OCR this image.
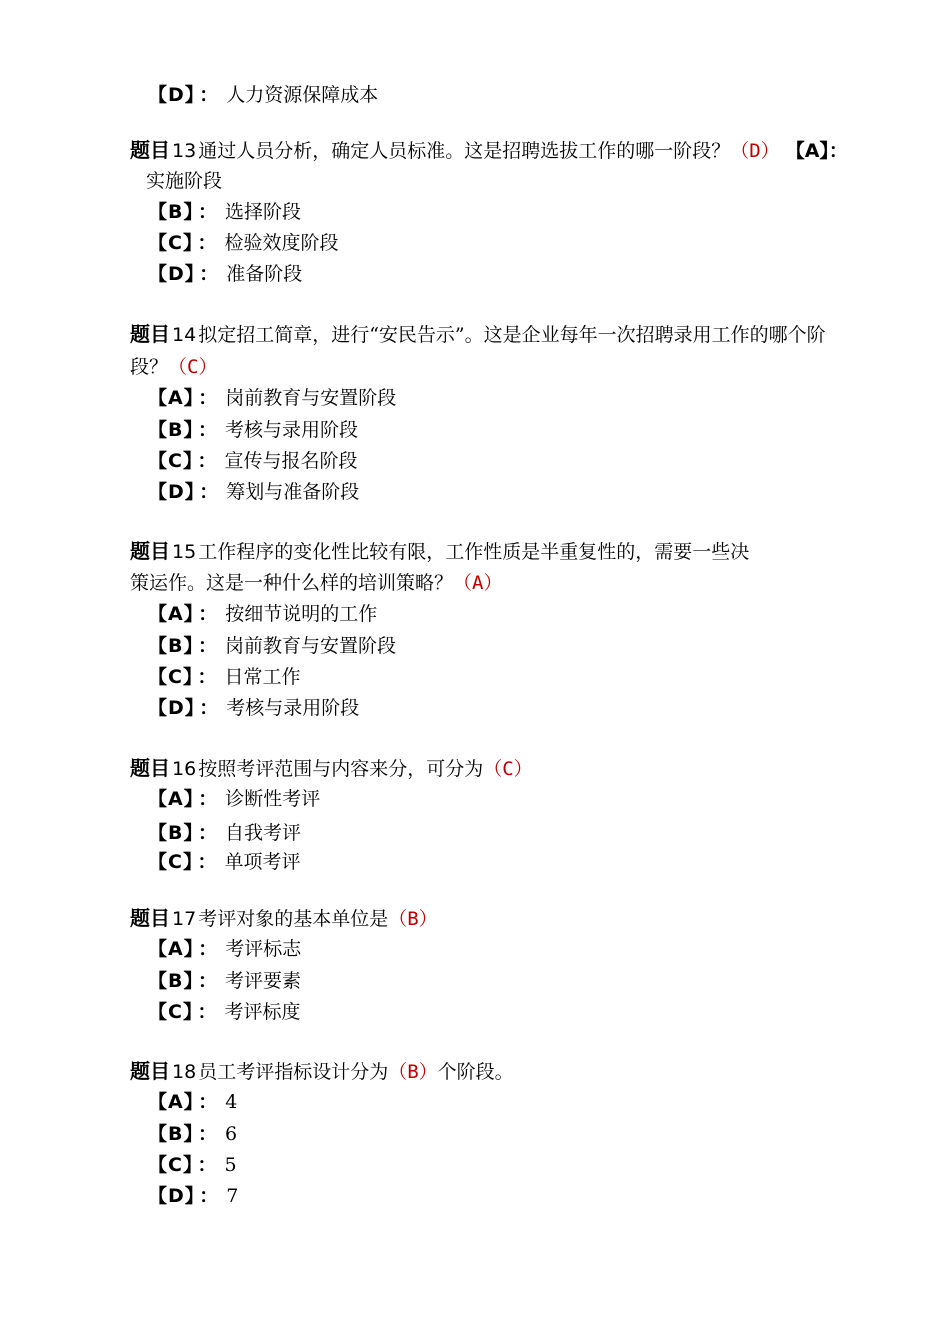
【D】 ： 人力资源保障成本
题目 13 通过人员分析，确定人员标准。这是招聘选拔工作的哪一阶段？（D） 【A】：
实施阶段
【B】 ： 选择阶段
【C】 ： 检验效度阶段
【D】 ： 准备阶段
题目 14 拟定招工简章，进行“安民告示”。这是企业每年一次招聘录用工作的哪个阶
段？（C）
【A】 ： 岗前教育与安置阶段
【B】 ： 考核与录用阶段
【C】 ： 宣传与报名阶段
【D】 ： 筹划与准备阶段
题目 15 工作程序的变化性比较有限，工作性质是半重复性的，需要一些决
策运作。这是一种什么样的培训策略？（A）
【A】 ： 按细节说明的工作
【B】 ： 岗前教育与安置阶段
【C】 ： 日常工作
【D】 ： 考核与录用阶段
题目 16 按照考评范围与内容来分，可分为（C）
【A】 ： 诊断性考评
【B】 ： 自我考评
【C】 ： 单项考评
题目 17 考评对象的基本单位是（B）
【A】 ： 考评标志
【B】 ： 考评要素
【C】 ： 考评标度
题目 18 员工考评指标设计分为（B）个阶段。
【A】 ： 4
【B】 ： 6
【C】 ： 5
【D】 ： 7
